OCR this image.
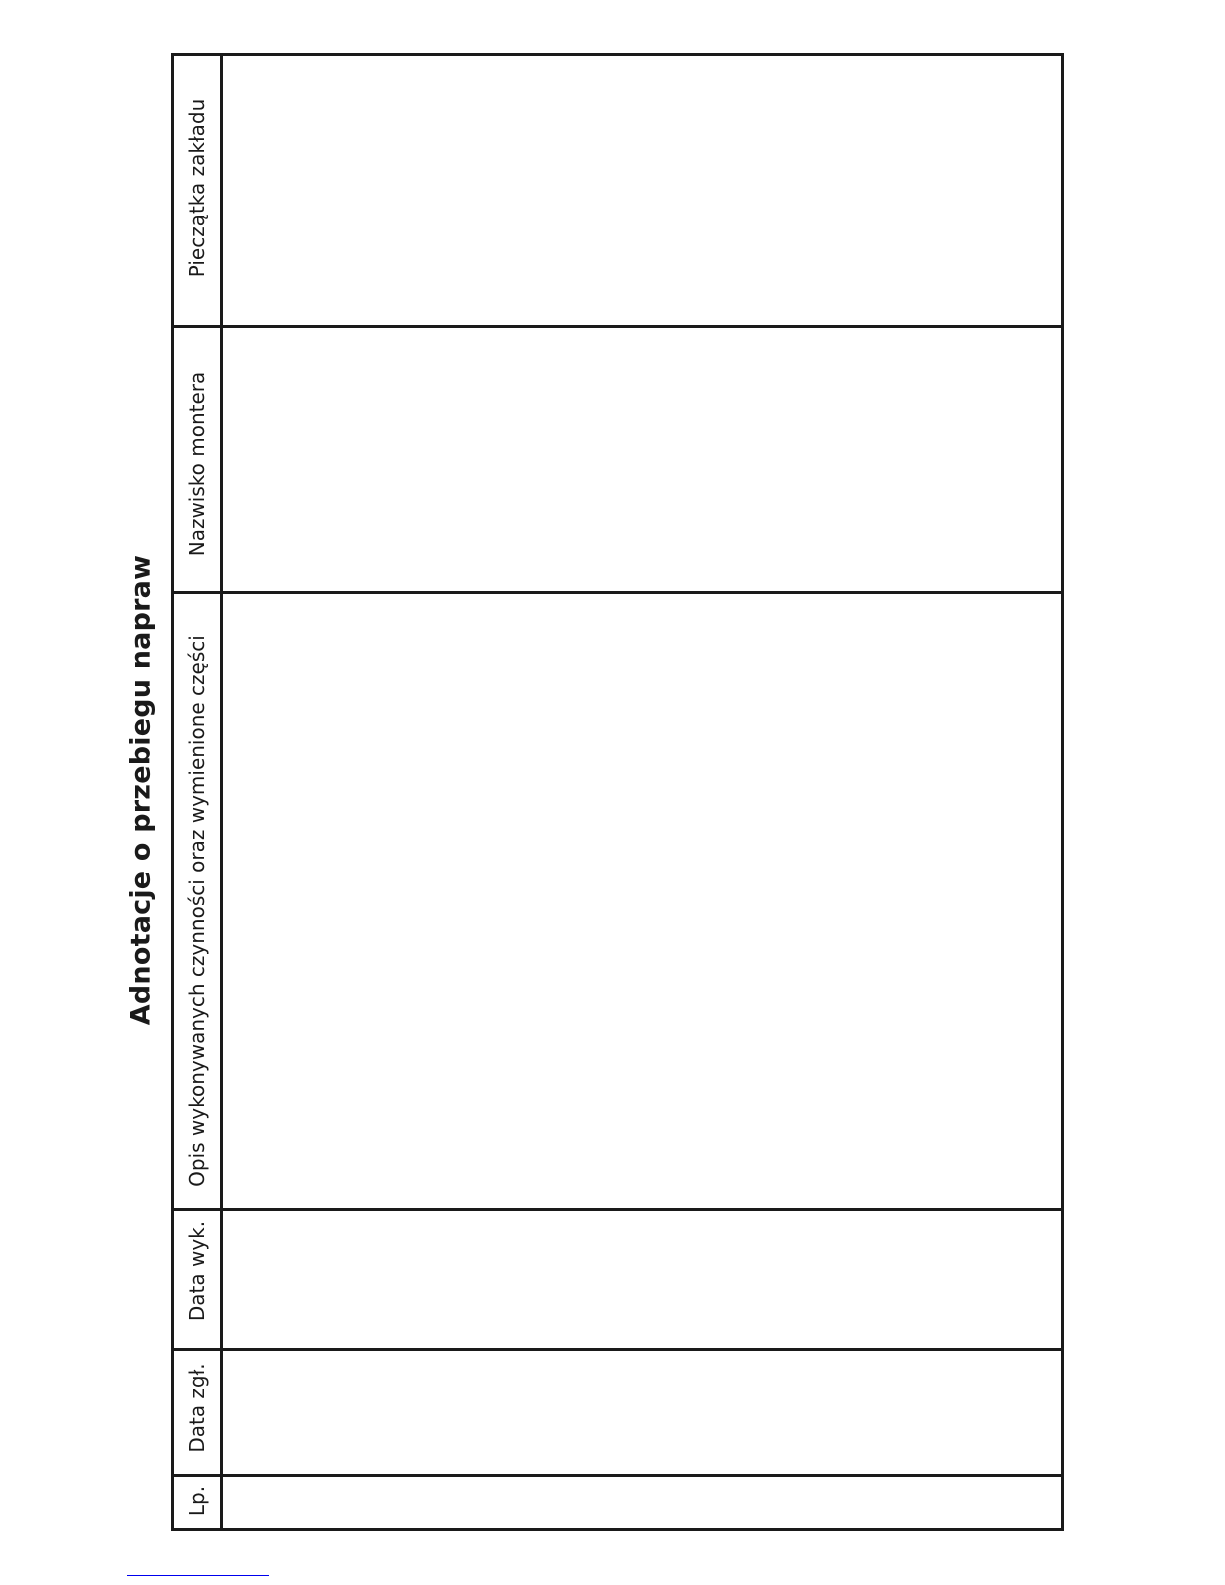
Adnotacje o przebiegu napraw
Pieczątka zakładu
Nazwisko montera
Opis wykonywanych czynności oraz wymienione części
Data wyk.
Data zgł.
Lp.
